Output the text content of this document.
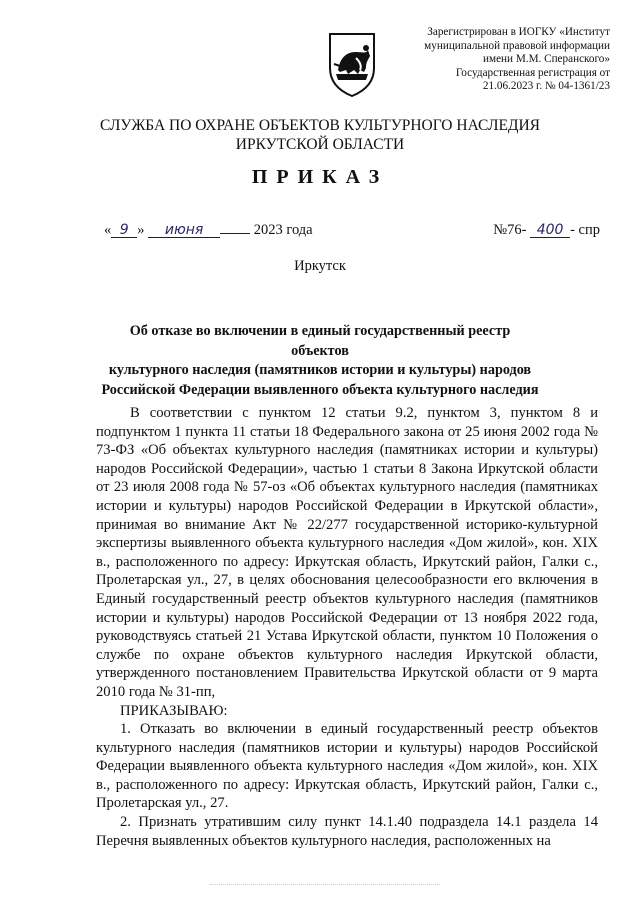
Зарегистрирован в ИОГКУ «Институт
муниципальной правовой информации
имени М.М. Сперанского»
Государственная регистрация от
21.06.2023 г. № 04-1361/23
СЛУЖБА ПО ОХРАНЕ ОБЪЕКТОВ КУЛЬТУРНОГО НАСЛЕДИЯ
ИРКУТСКОЙ ОБЛАСТИ
ПРИКАЗ
« 9 » июня	2023 года	№76- 400 - спр
Иркутск
Об отказе во включении в единый государственный реестр объектов
культурного наследия (памятников истории и культуры) народов
Российской Федерации выявленного объекта культурного наследия

В соответствии с пунктом 12 статьи 9.2, пунктом 3, пунктом 8 и подпунктом 1 пункта 11 статьи 18 Федерального закона от 25 июня 2002 года № 73-ФЗ «Об объектах культурного наследия (памятниках истории и культуры) народов Российской Федерации», частью 1 статьи 8 Закона Иркутской области от 23 июля 2008 года № 57-оз «Об объектах культурного наследия (памятниках истории и культуры) народов Российской Федерации в Иркутской области», принимая во внимание Акт № 22/277 государственной историко-культурной экспертизы выявленного объекта культурного наследия «Дом жилой», кон. XIX в., расположенного по адресу: Иркутская область, Иркутский район, Галки с., Пролетарская ул., 27, в целях обоснования целесообразности его включения в Единый государственный реестр объектов культурного наследия (памятников истории и культуры) народов Российской Федерации от 13 ноября 2022 года, руководствуясь статьей 21 Устава Иркутской области, пунктом 10 Положения о службе по охране объектов культурного наследия Иркутской области, утвержденного постановлением Правительства Иркутской области от 9 марта 2010 года № 31-пп,

ПРИКАЗЫВАЮ:

1. Отказать во включении в единый государственный реестр объектов культурного наследия (памятников истории и культуры) народов Российской Федерации выявленного объекта культурного наследия «Дом жилой», кон. XIX в., расположенного по адресу: Иркутская область, Иркутский район, Галки с., Пролетарская ул., 27.

2. Признать утратившим силу пункт 14.1.40 подраздела 14.1 раздела 14 Перечня выявленных объектов культурного наследия, расположенных на
